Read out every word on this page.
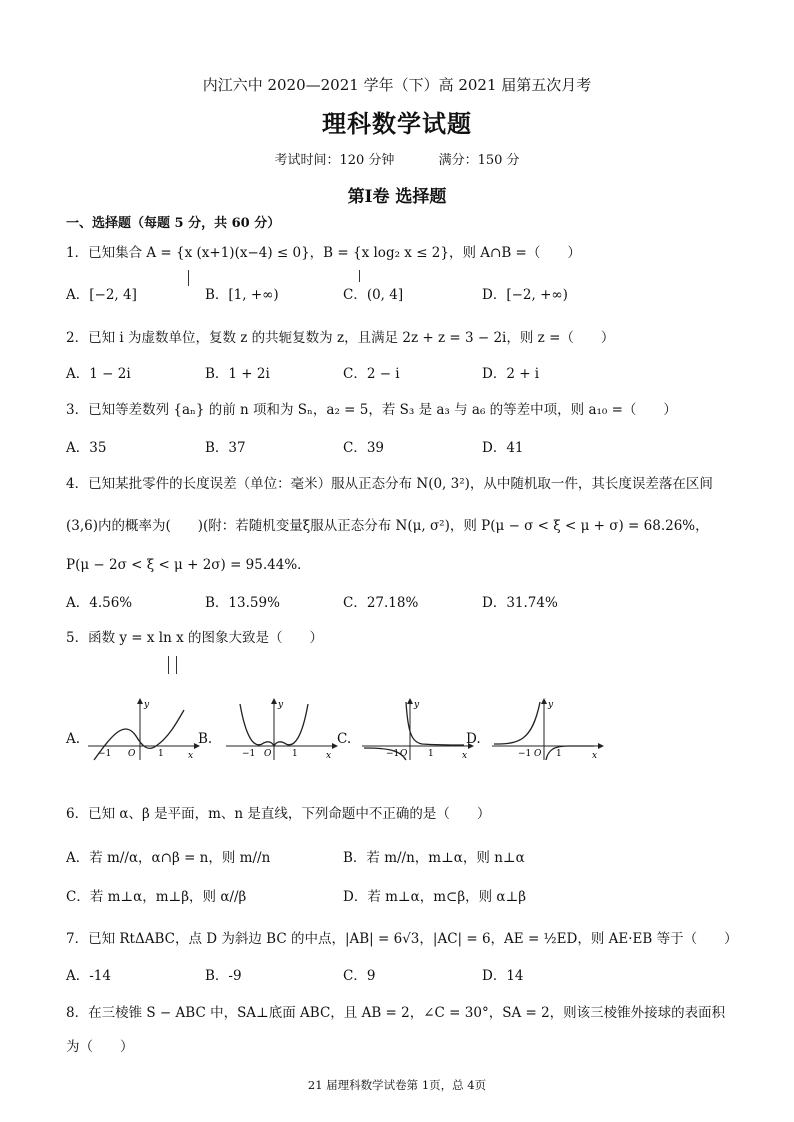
内江六中 2020—2021 学年（下）高 2021 届第五次月考
理科数学试题
考试时间：120 分钟	满分：150 分
第Ⅰ卷 选择题
一、选择题（每题 5 分，共 60 分）
1．已知集合 A = {x (x+1)(x−4) ≤ 0}，B = {x log₂ x ≤ 2}，则 A∩B =（　　）
A．[−2, 4]	B．[1, +∞)	C．(0, 4]	D．[−2, +∞)
2．已知 i 为虚数单位，复数 z 的共轭复数为 z，且满足 2z + z = 3 − 2i，则 z =（　　）
A．1 − 2i	B．1 + 2i	C．2 − i	D．2 + i
3．已知等差数列 {aₙ} 的前 n 项和为 Sₙ，a₂ = 5，若 S₃ 是 a₃ 与 a₆ 的等差中项，则 a₁₀ =（　　）
A．35	B．37	C．39	D．41
4．已知某批零件的长度误差（单位：毫米）服从正态分布 N(0, 3²)，从中随机取一件，其长度误差落在区间
(3,6)内的概率为(　　)(附：若随机变量ξ服从正态分布 N(μ, σ²)，则 P(μ − σ < ξ < μ + σ) = 68.26%，
P(μ − 2σ < ξ < μ + 2σ) = 95.44%．
A．4.56%	B．13.59%	C．27.18%	D．31.74%
5．函数 y = x ln x 的图象大致是（　　）
A.
y
−1 O	1	x
B.
y
−1 O 1	x
C.
y
−1 O 1	x
D.
y
−1 O 1	x
6．已知 α、β 是平面，m、n 是直线，下列命题中不正确的是（　　）
A．若 m//α，α∩β = n，则 m//n	B．若 m//n，m⊥α，则 n⊥α
C．若 m⊥α，m⊥β，则 α//β	D．若 m⊥α，m⊂β，则 α⊥β
7．已知 RtΔABC，点 D 为斜边 BC 的中点，|AB| = 6√3，|AC| = 6，AE = ½ED，则 AE·EB 等于（　　）
A．-14	B．-9	C．9	D．14
8．在三棱锥 S − ABC 中，SA⊥底面 ABC，且 AB = 2，∠C = 30°，SA = 2，则该三棱锥外接球的表面积
为（　　）
21 届理科数学试卷第 1页，总 4页
